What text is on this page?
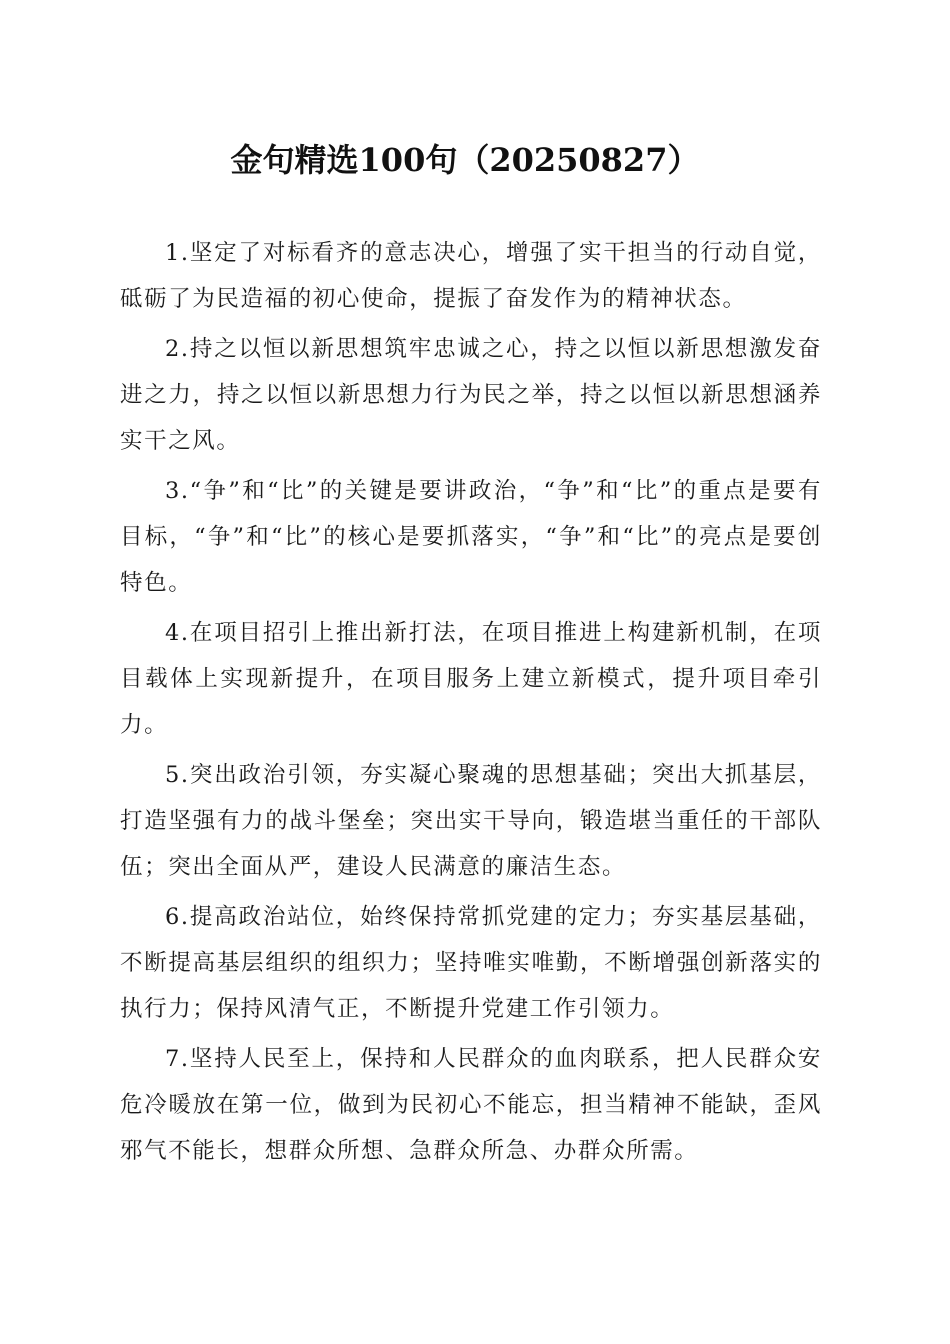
金句精选100句（20250827）

1.坚定了对标看齐的意志决心，增强了实干担当的行动自觉，砥砺了为民造福的初心使命，提振了奋发作为的精神状态。

2.持之以恒以新思想筑牢忠诚之心，持之以恒以新思想激发奋进之力，持之以恒以新思想力行为民之举，持之以恒以新思想涵养实干之风。

3.“争”和“比”的关键是要讲政治，“争”和“比”的重点是要有目标，“争”和“比”的核心是要抓落实，“争”和“比”的亮点是要创特色。

4.在项目招引上推出新打法，在项目推进上构建新机制，在项目载体上实现新提升，在项目服务上建立新模式，提升项目牵引力。

5.突出政治引领，夯实凝心聚魂的思想基础；突出大抓基层，打造坚强有力的战斗堡垒；突出实干导向，锻造堪当重任的干部队伍；突出全面从严，建设人民满意的廉洁生态。

6.提高政治站位，始终保持常抓党建的定力；夯实基层基础，不断提高基层组织的组织力；坚持唯实唯勤，不断增强创新落实的执行力；保持风清气正，不断提升党建工作引领力。

7.坚持人民至上，保持和人民群众的血肉联系，把人民群众安危冷暖放在第一位，做到为民初心不能忘，担当精神不能缺，歪风邪气不能长，想群众所想、急群众所急、办群众所需。
